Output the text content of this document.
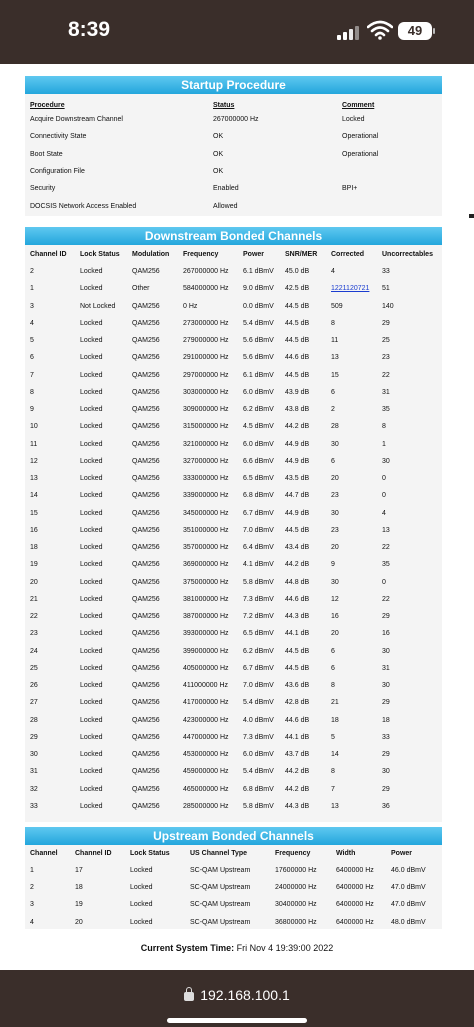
8:39	49
Startup Procedure
Procedure	Status	Comment
Acquire Downstream Channel	267000000 Hz	Locked
Connectivity State	OK	Operational
Boot State	OK	Operational
Configuration File	OK	
Security	Enabled	BPI+
DOCSIS Network Access Enabled	Allowed	
Downstream Bonded Channels
Channel ID	Lock Status	Modulation	Frequency	Power	SNR/MER	Corrected	Uncorrectables
2	Locked	QAM256	267000000 Hz	6.1 dBmV	45.0 dB	4	33
1	Locked	Other	584000000 Hz	9.0 dBmV	42.5 dB	1221120721	51
3	Not Locked	QAM256	0 Hz	0.0 dBmV	44.5 dB	509	140
4	Locked	QAM256	273000000 Hz	5.4 dBmV	44.5 dB	8	29
5	Locked	QAM256	279000000 Hz	5.6 dBmV	44.5 dB	11	25
6	Locked	QAM256	291000000 Hz	5.6 dBmV	44.6 dB	13	23
7	Locked	QAM256	297000000 Hz	6.1 dBmV	44.5 dB	15	22
8	Locked	QAM256	303000000 Hz	6.0 dBmV	43.9 dB	6	31
9	Locked	QAM256	309000000 Hz	6.2 dBmV	43.8 dB	2	35
10	Locked	QAM256	315000000 Hz	4.5 dBmV	44.2 dB	28	8
11	Locked	QAM256	321000000 Hz	6.0 dBmV	44.9 dB	30	1
12	Locked	QAM256	327000000 Hz	6.6 dBmV	44.9 dB	6	30
13	Locked	QAM256	333000000 Hz	6.5 dBmV	43.5 dB	20	0
14	Locked	QAM256	339000000 Hz	6.8 dBmV	44.7 dB	23	0
15	Locked	QAM256	345000000 Hz	6.7 dBmV	44.9 dB	30	4
16	Locked	QAM256	351000000 Hz	7.0 dBmV	44.5 dB	23	13
18	Locked	QAM256	357000000 Hz	6.4 dBmV	43.4 dB	20	22
19	Locked	QAM256	369000000 Hz	4.1 dBmV	44.2 dB	9	35
20	Locked	QAM256	375000000 Hz	5.8 dBmV	44.8 dB	30	0
21	Locked	QAM256	381000000 Hz	7.3 dBmV	44.6 dB	12	22
22	Locked	QAM256	387000000 Hz	7.2 dBmV	44.3 dB	16	29
23	Locked	QAM256	393000000 Hz	6.5 dBmV	44.1 dB	20	16
24	Locked	QAM256	399000000 Hz	6.2 dBmV	44.5 dB	6	30
25	Locked	QAM256	405000000 Hz	6.7 dBmV	44.5 dB	6	31
26	Locked	QAM256	411000000 Hz	7.0 dBmV	43.6 dB	8	30
27	Locked	QAM256	417000000 Hz	5.4 dBmV	42.8 dB	21	29
28	Locked	QAM256	423000000 Hz	4.0 dBmV	44.6 dB	18	18
29	Locked	QAM256	447000000 Hz	7.3 dBmV	44.1 dB	5	33
30	Locked	QAM256	453000000 Hz	6.0 dBmV	43.7 dB	14	29
31	Locked	QAM256	459000000 Hz	5.4 dBmV	44.2 dB	8	30
32	Locked	QAM256	465000000 Hz	6.8 dBmV	44.2 dB	7	29
33	Locked	QAM256	285000000 Hz	5.8 dBmV	44.3 dB	13	36
Upstream Bonded Channels
Channel	Channel ID	Lock Status	US Channel Type	Frequency	Width	Power
1	17	Locked	SC-QAM Upstream	17600000 Hz	6400000 Hz	46.0 dBmV
2	18	Locked	SC-QAM Upstream	24000000 Hz	6400000 Hz	47.0 dBmV
3	19	Locked	SC-QAM Upstream	30400000 Hz	6400000 Hz	47.0 dBmV
4	20	Locked	SC-QAM Upstream	36800000 Hz	6400000 Hz	48.0 dBmV
Current System Time: Fri Nov 4 19:39:00 2022
192.168.100.1
